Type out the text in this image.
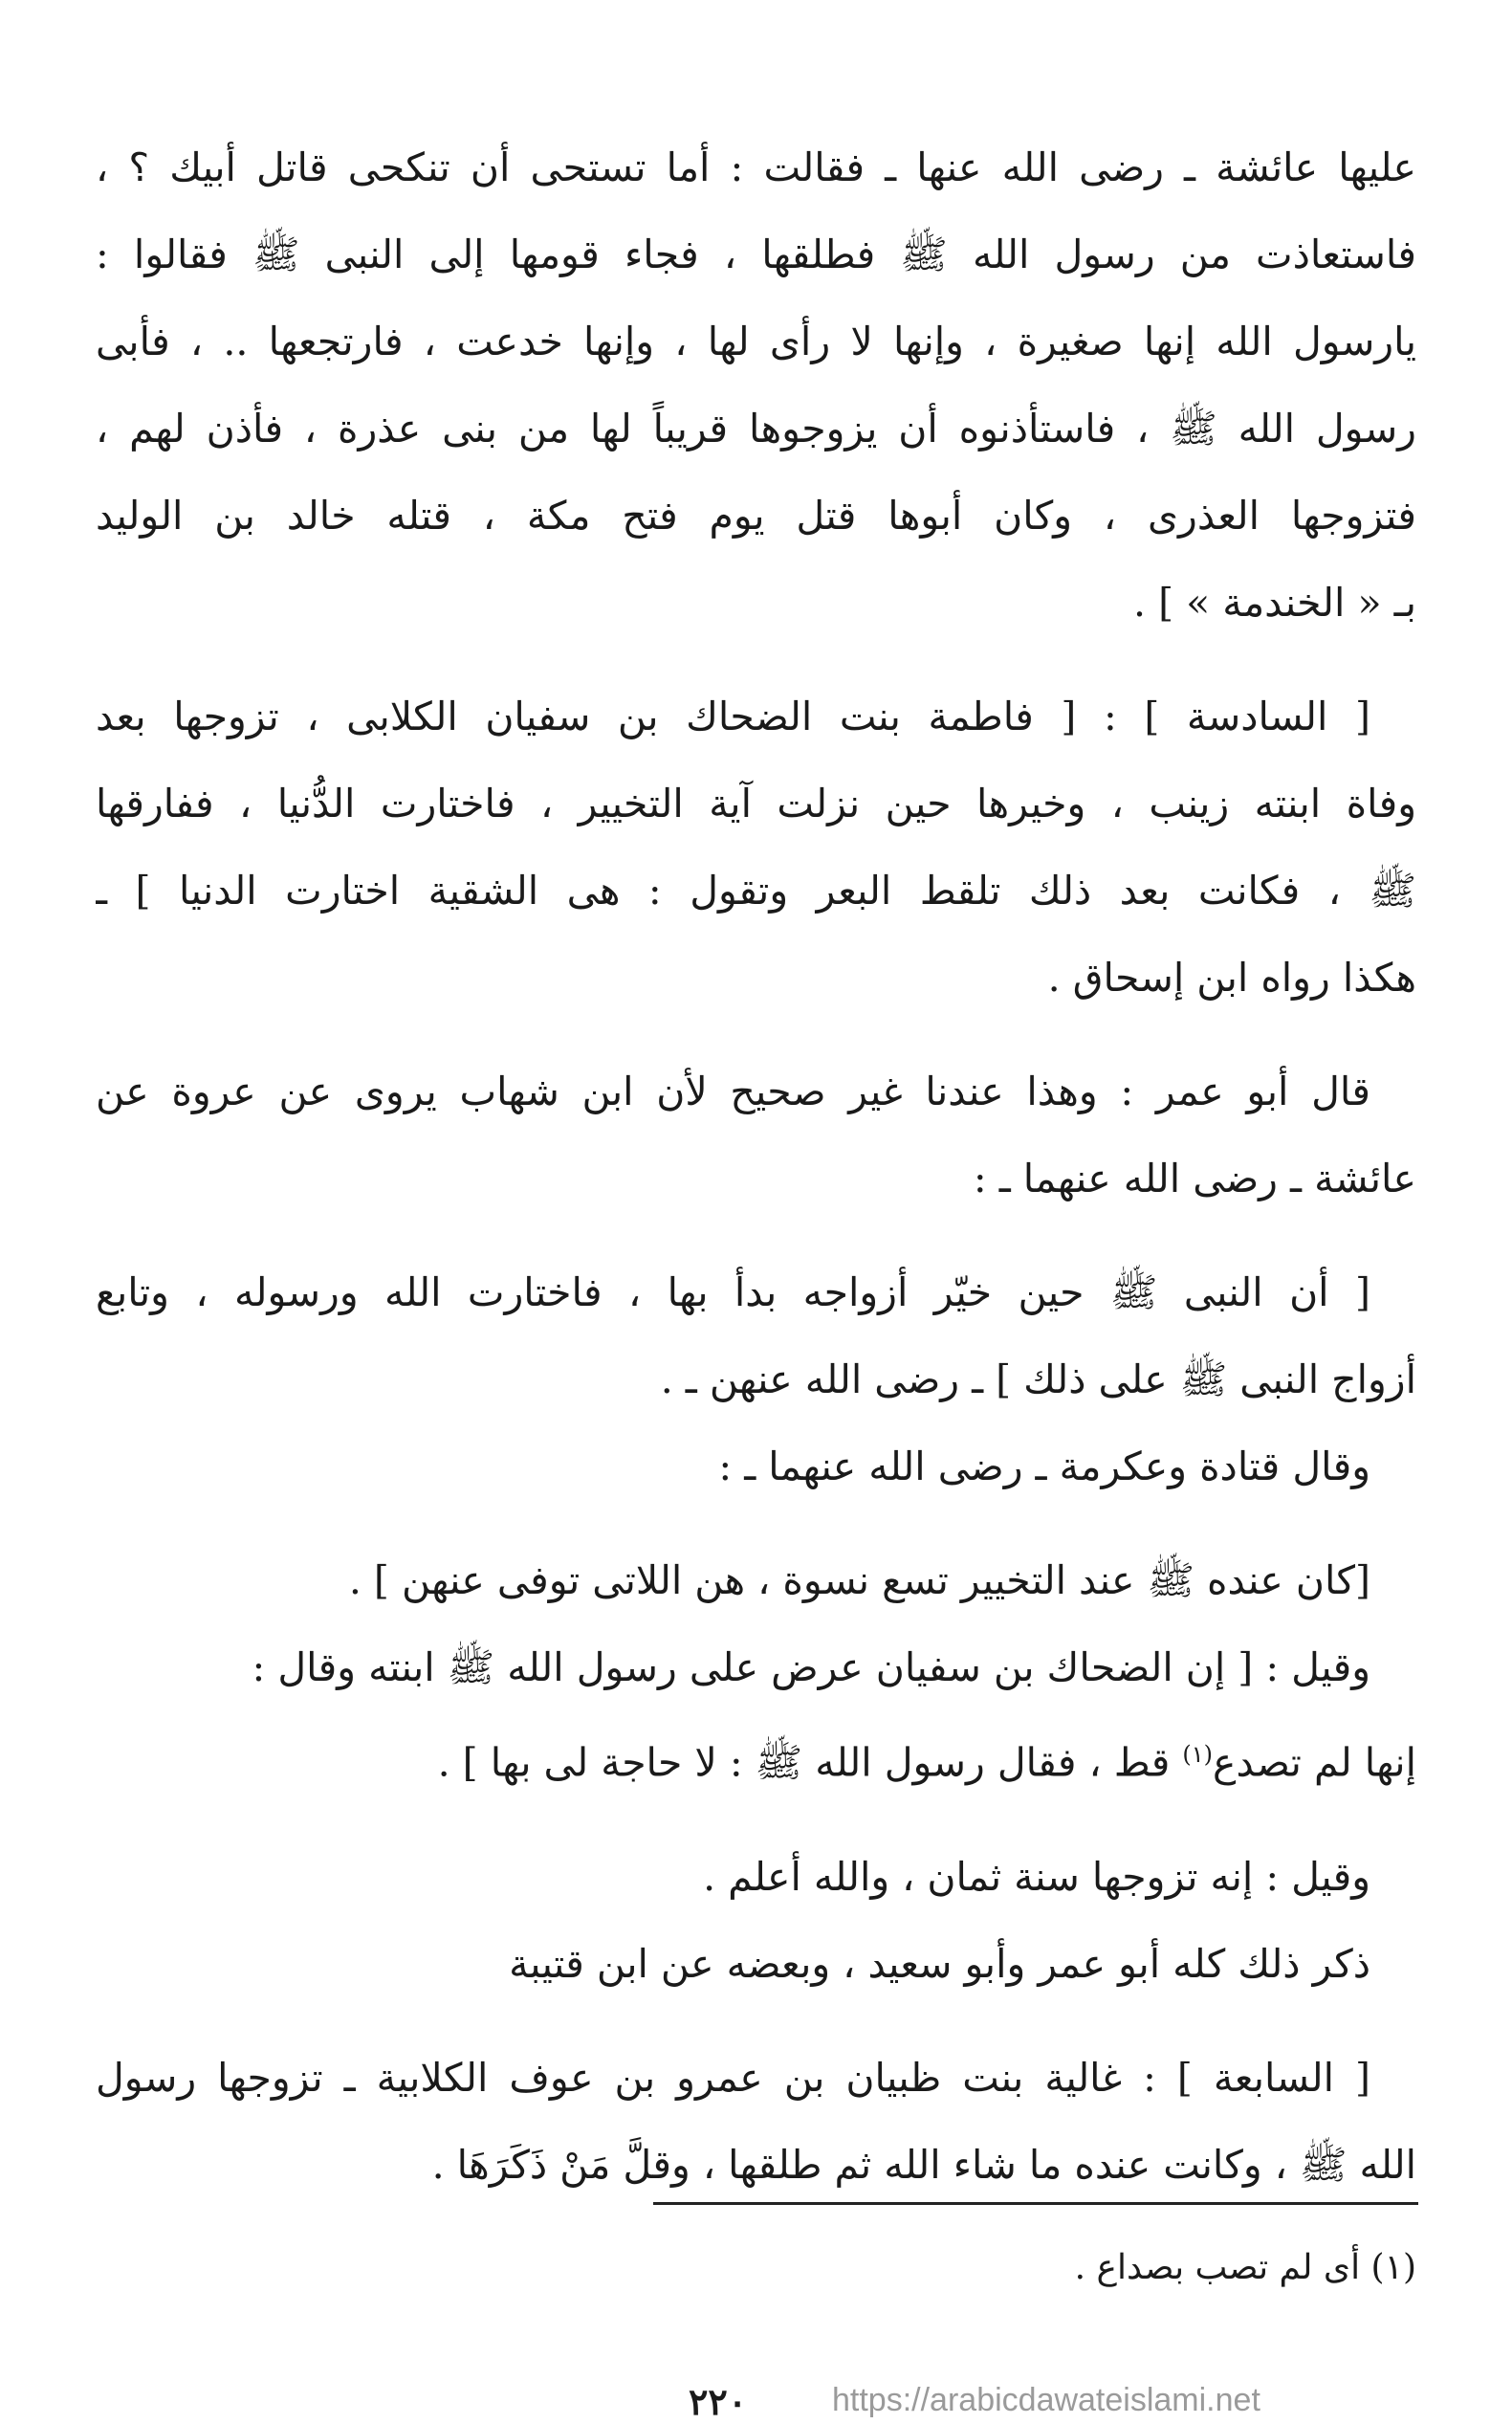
عليها عائشة ـ رضى الله عنها ـ فقالت : أما تستحى أن تنكحى قاتل أبيك ؟ ،
فاستعاذت من رسول الله ﷺ فطلقها ، فجاء قومها إلى النبى ﷺ فقالوا :
يارسول الله إنها صغيرة ، وإنها لا رأى لها ، وإنها خدعت ، فارتجعها .. ، فأبى
رسول الله ﷺ ، فاستأذنوه أن يزوجوها قريباً لها من بنى عذرة ، فأذن لهم ،
فتزوجها العذرى ، وكان أبوها قتل يوم فتح مكة ، قتله خالد بن الوليد
بـ « الخندمة » ] .
[ السادسة ] : [ فاطمة بنت الضحاك بن سفيان الكلابى ، تزوجها بعد
وفاة ابنته زينب ، وخيرها حين نزلت آية التخيير ، فاختارت الدُّنيا ، ففارقها
ﷺ ، فكانت بعد ذلك تلقط البعر وتقول : هى الشقية اختارت الدنيا ] ـ
هكذا رواه ابن إسحاق .
قال أبو عمر : وهذا عندنا غير صحيح لأن ابن شهاب يروى عن عروة عن
عائشة ـ رضى الله عنهما ـ :
[ أن النبى ﷺ حين خيّر أزواجه بدأ بها ، فاختارت الله ورسوله ، وتابع
أزواج النبى ﷺ على ذلك ] ـ رضى الله عنهن ـ .
وقال قتادة وعكرمة ـ رضى الله عنهما ـ :
[كان عنده ﷺ عند التخيير تسع نسوة ، هن اللاتى توفى عنهن ] .
وقيل : [ إن الضحاك بن سفيان عرض على رسول الله ﷺ ابنته وقال :
إنها لم تصدع$^{(١)}$ قط ، فقال رسول الله ﷺ : لا حاجة لى بها ] .
وقيل : إنه تزوجها سنة ثمان ، والله أعلم .
ذكر ذلك كله أبو عمر وأبو سعيد ، وبعضه عن ابن قتيبة
[ السابعة ] : غالية بنت ظبيان بن عمرو بن عوف الكلابية ـ تزوجها رسول
الله ﷺ ، وكانت عنده ما شاء الله ثم طلقها ، وقلَّ مَنْ ذَكَرَهَا .
(١) أى لم تصب بصداع .
٢٢٠	https://arabicdawateislami.net
